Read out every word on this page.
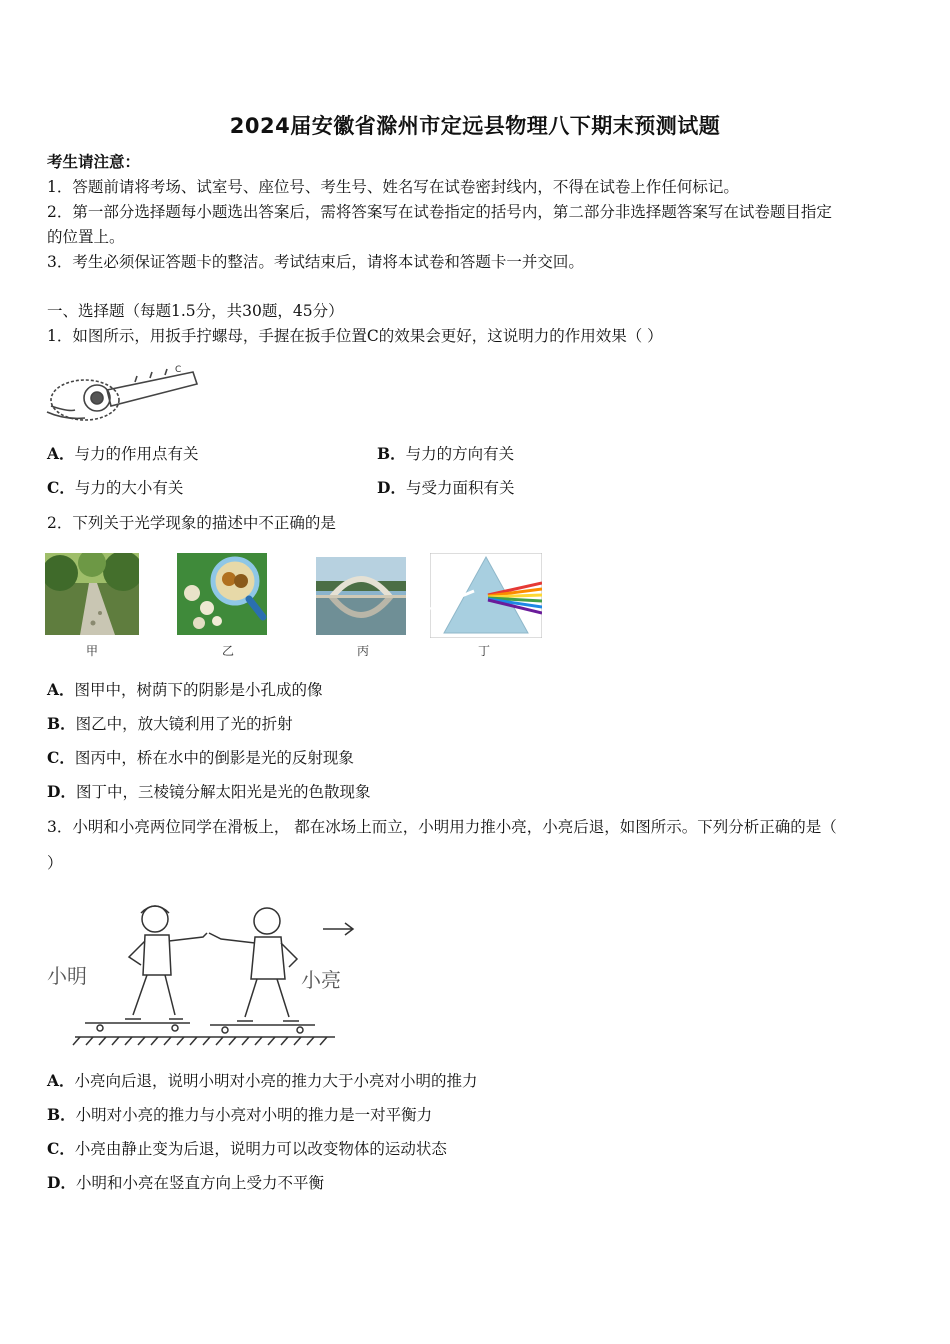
2024届安徽省滁州市定远县物理八下期末预测试题
考生请注意：
1．答题前请将考场、试室号、座位号、考生号、姓名写在试卷密封线内，不得在试卷上作任何标记。
2．第一部分选择题每小题选出答案后，需将答案写在试卷指定的括号内，第二部分非选择题答案写在试卷题目指定
的位置上。
3．考生必须保证答题卡的整洁。考试结束后，请将本试卷和答题卡一并交回。
一、选择题（每题1.5分，共30题，45分）
1．如图所示，用扳手拧螺母，手握在扳手位置C的效果会更好，这说明力的作用效果（ ）
C
A．与力的作用点有关	B．与力的方向有关
C．与力的大小有关	D．与受力面积有关
2．下列关于光学现象的描述中不正确的是
甲	乙	丙	丁
A．图甲中，树荫下的阴影是小孔成的像
B．图乙中，放大镜利用了光的折射
C．图丙中，桥在水中的倒影是光的反射现象
D．图丁中，三棱镜分解太阳光是光的色散现象
3．小明和小亮两位同学在滑板上， 都在冰场上而立，小明用力推小亮，小亮后退，如图所示。下列分析正确的是（
）
小明	小亮
A．小亮向后退，说明小明对小亮的推力大于小亮对小明的推力
B．小明对小亮的推力与小亮对小明的推力是一对平衡力
C．小亮由静止变为后退，说明力可以改变物体的运动状态
D．小明和小亮在竖直方向上受力不平衡
